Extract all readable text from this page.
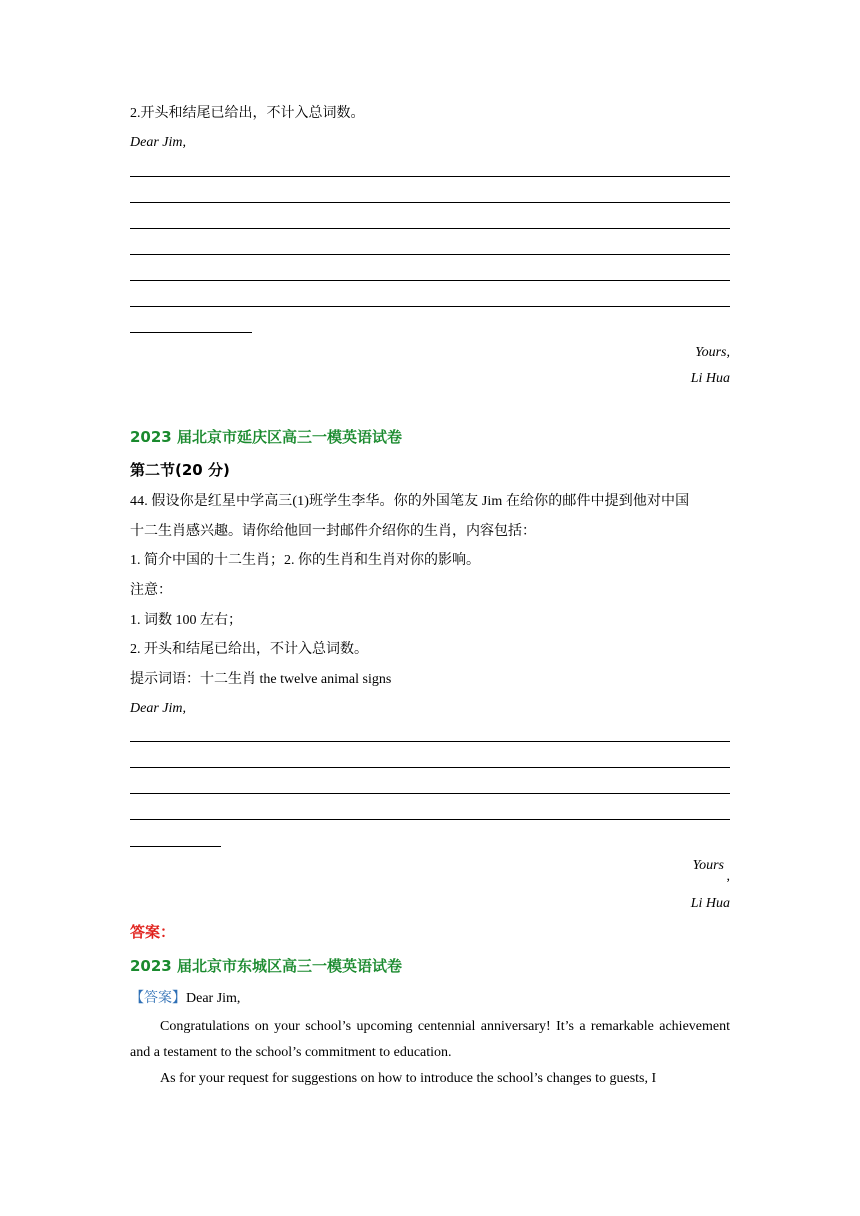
2.开头和结尾已给出，不计入总词数。
Dear Jim,
Yours,
Li Hua
2023 届北京市延庆区高三一模英语试卷
第二节(20 分)
44. 假设你是红星中学高三(1)班学生李华。你的外国笔友 Jim 在给你的邮件中提到他对中国
十二生肖感兴趣。请你给他回一封邮件介绍你的生肖，内容包括：
1. 简介中国的十二生肖；2. 你的生肖和生肖对你的影响。
注意：
1. 词数 100 左右；
2. 开头和结尾已给出，不计入总词数。
提示词语：十二生肖 the twelve animal signs
Dear Jim,
Yours
,
Li Hua
答案：
2023 届北京市东城区高三一模英语试卷
【答案】Dear Jim,
Congratulations on your school’s upcoming centennial anniversary! It’s a remarkable achievement and a testament to the school’s commitment to education.
As for your request for suggestions on how to introduce the school’s changes to guests, I
